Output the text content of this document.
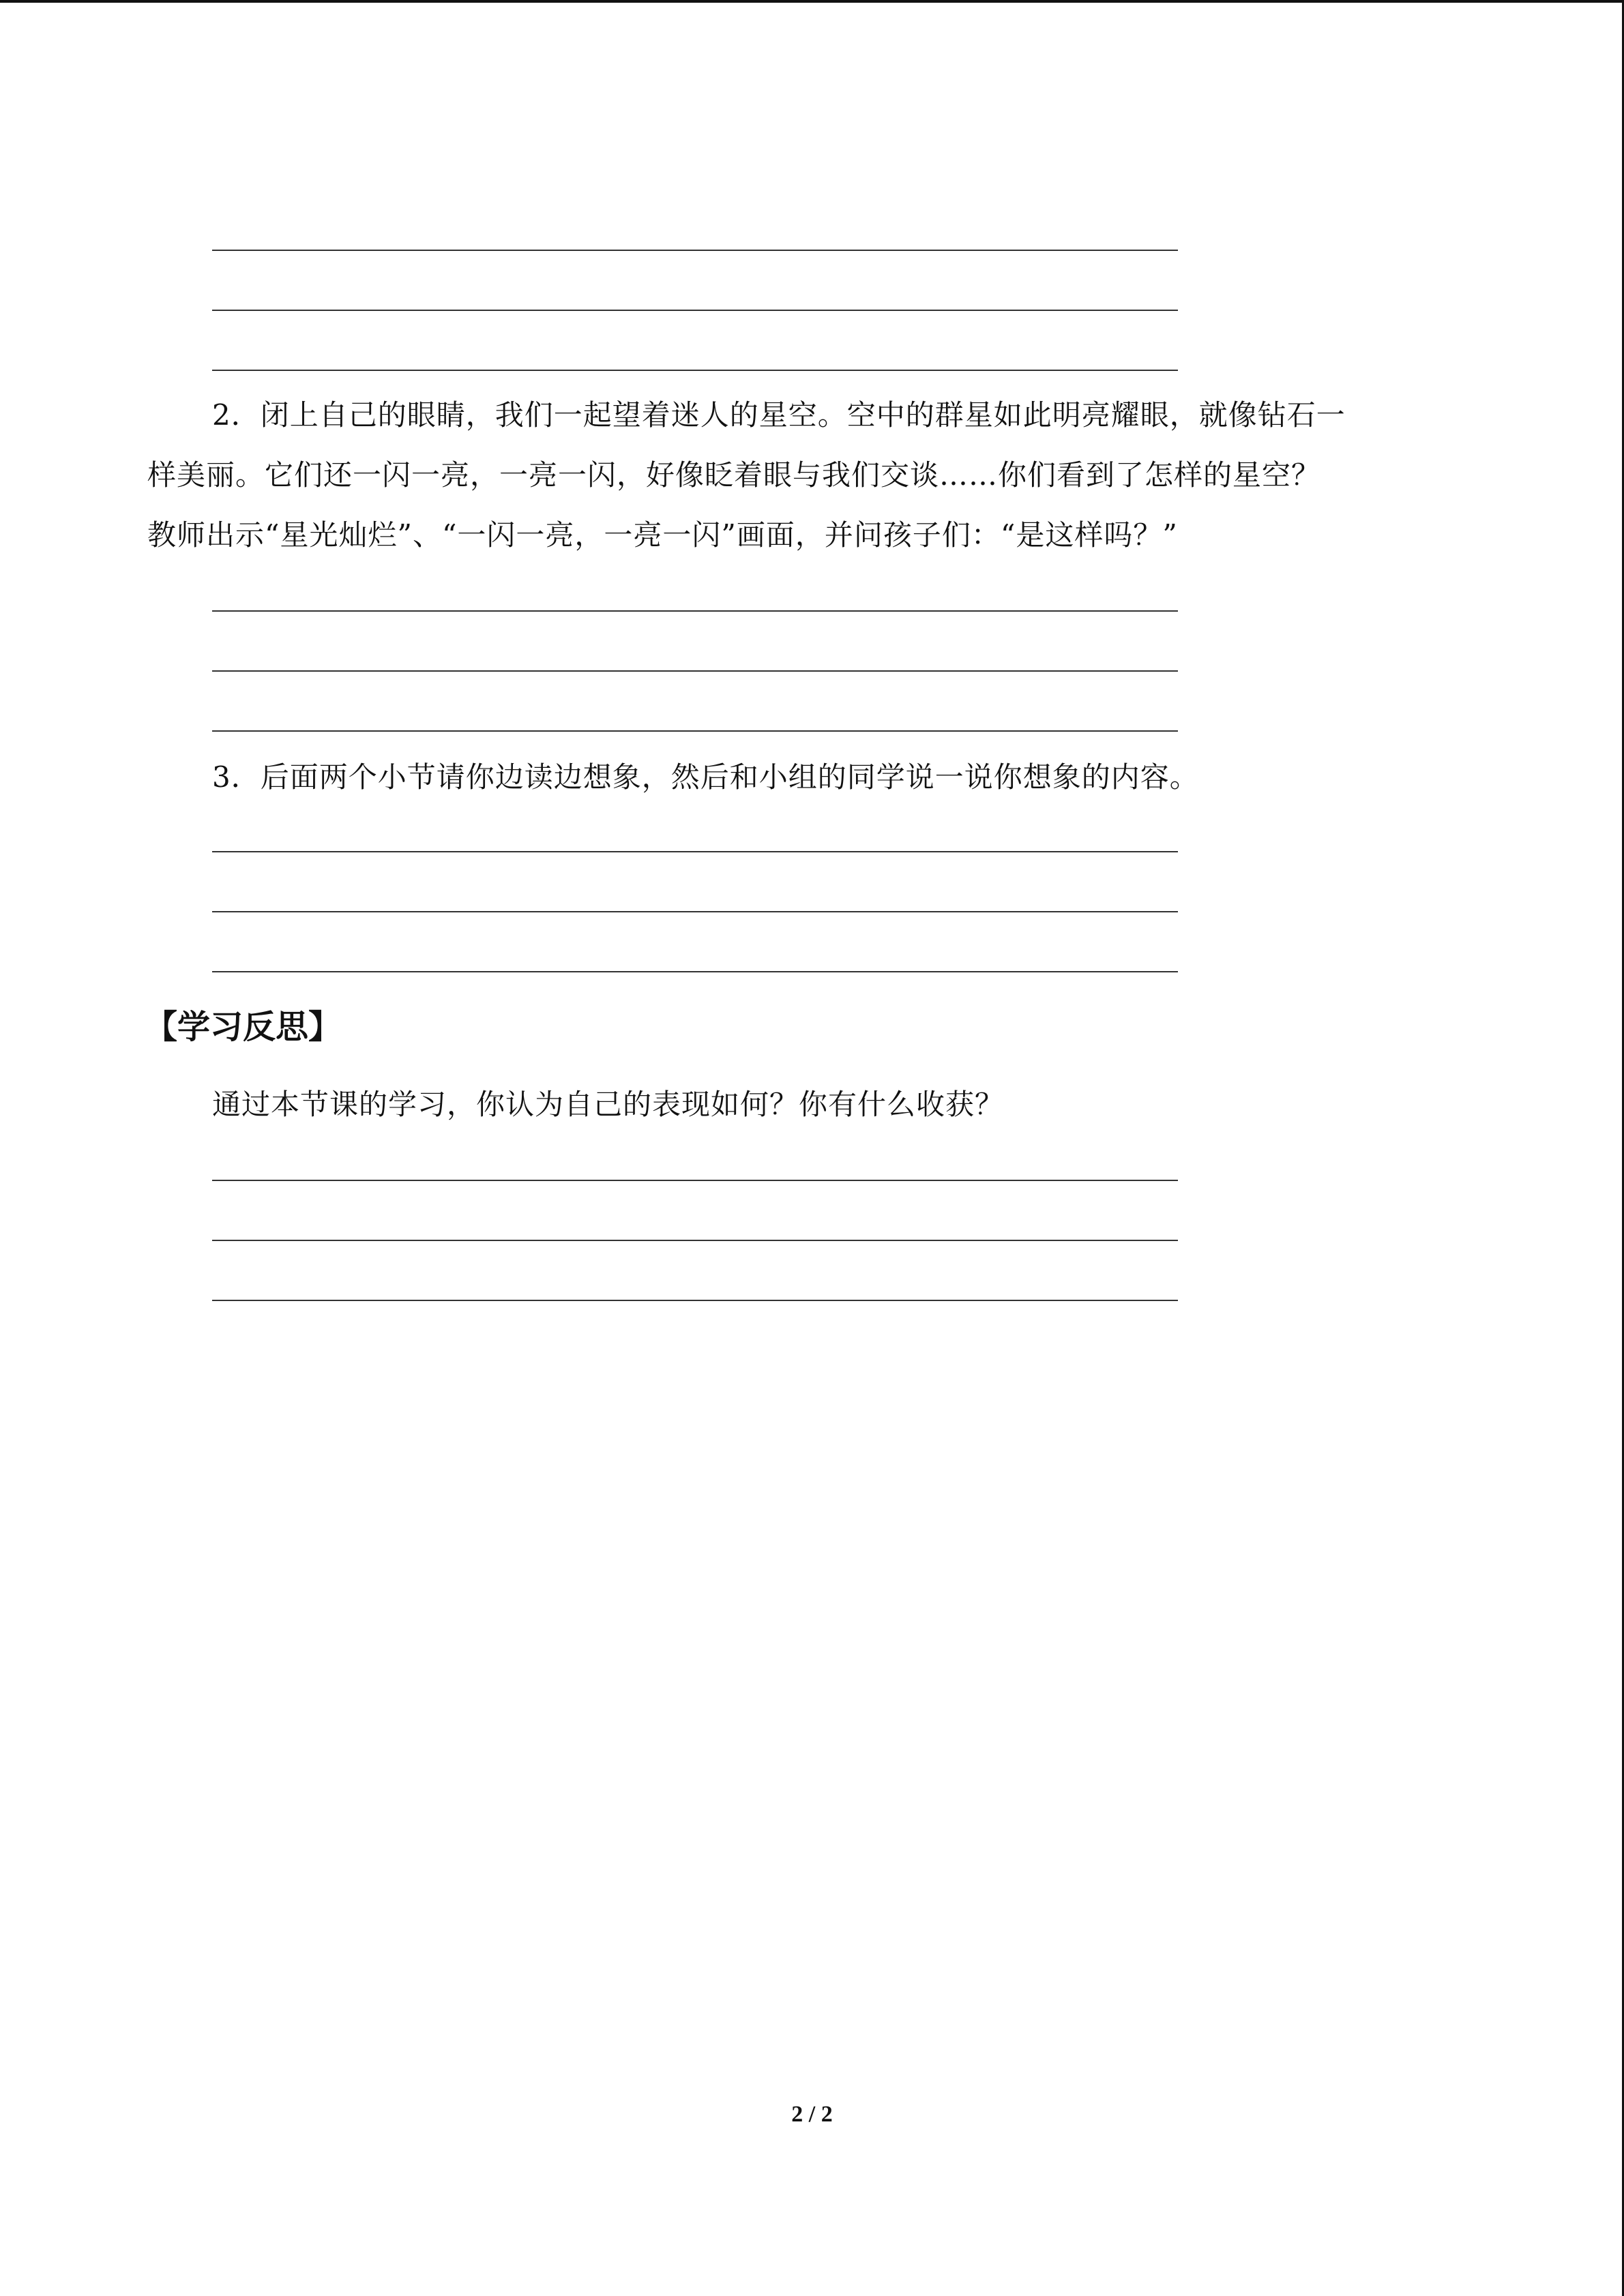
2．闭上自己的眼睛，我们一起望着迷人的星空。空中的群星如此明亮耀眼，就像钻石一
样美丽。它们还一闪一亮，一亮一闪，好像眨着眼与我们交谈……你们看到了怎样的星空？
教师出示“星光灿烂”、“一闪一亮，一亮一闪”画面，并问孩子们：“是这样吗？”
3．后面两个小节请你边读边想象，然后和小组的同学说一说你想象的内容。
【学习反思】
通过本节课的学习，你认为自己的表现如何？你有什么收获？
2 / 2
